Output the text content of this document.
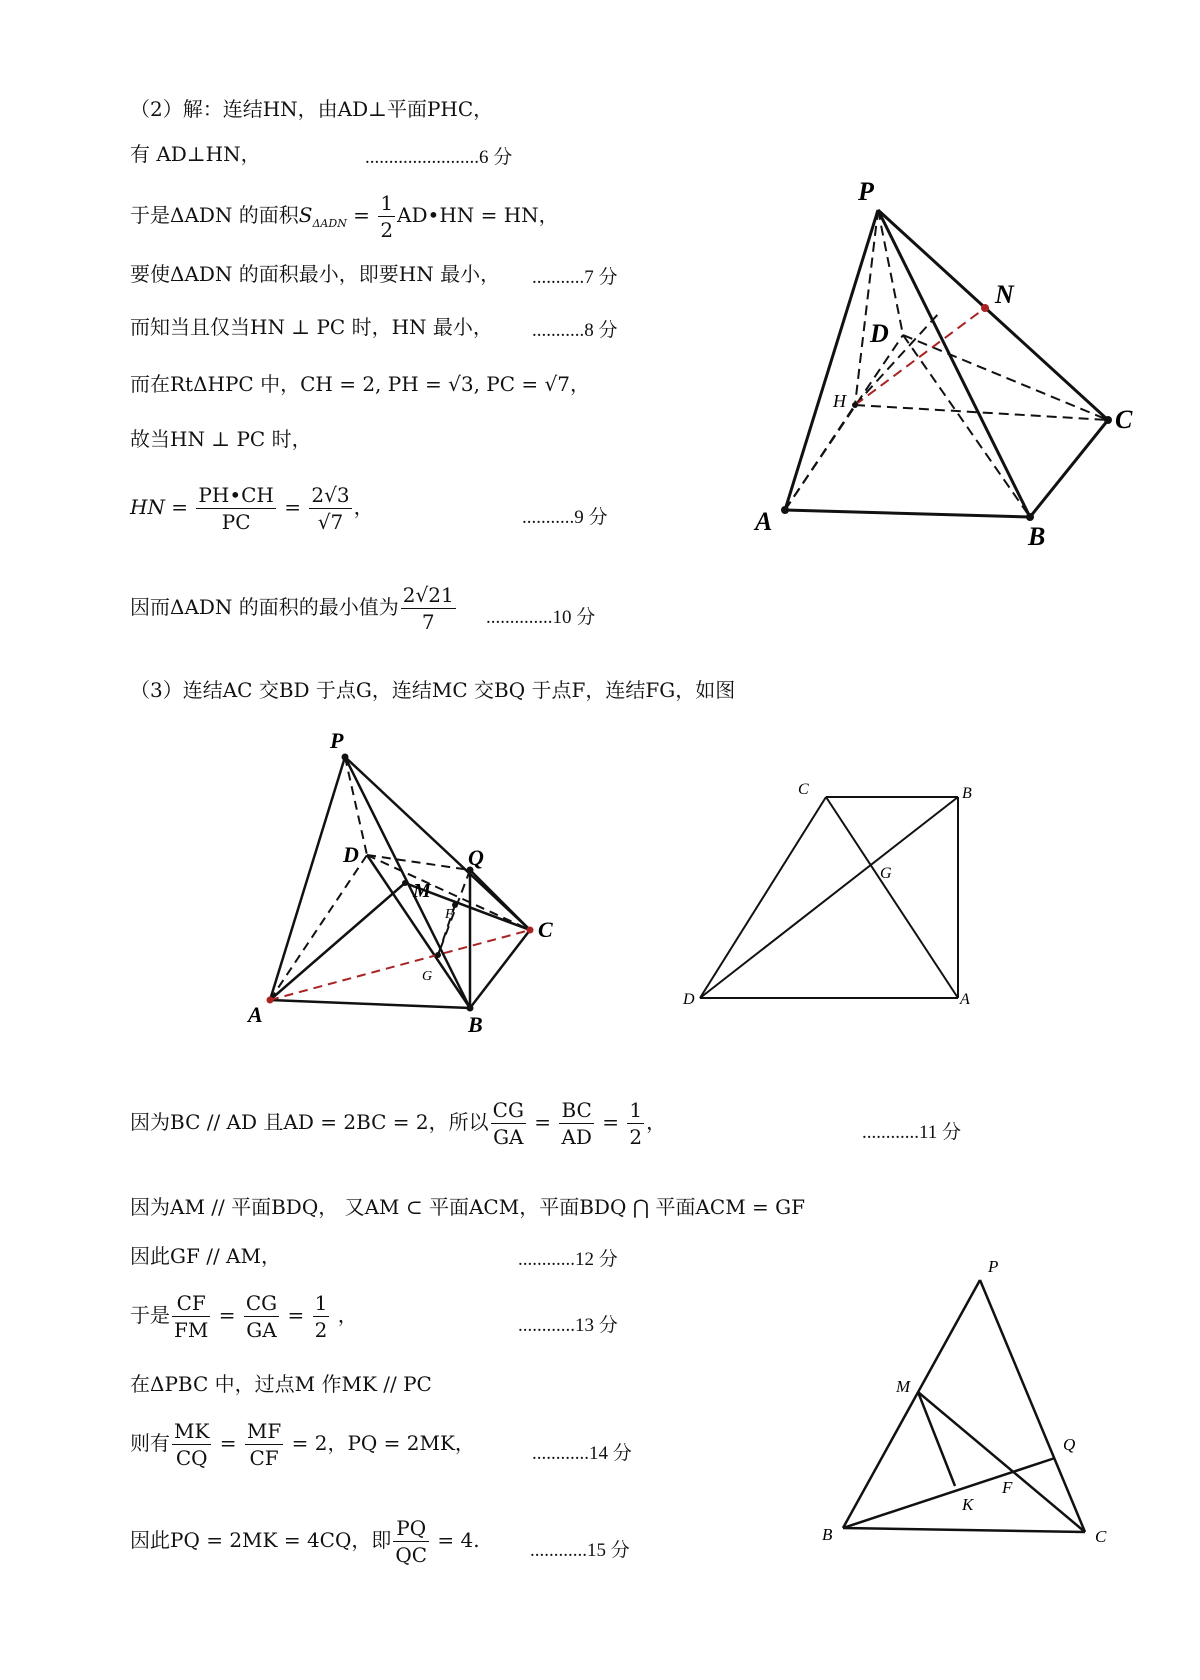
（2）解：连结HN，由AD⊥平面PHC，
有 AD⊥HN，	........................6 分
于是ΔADN 的面积$S_{\Delta ADN} = \frac{1}{2}$ AD•HN = HN，
要使ΔADN 的面积最小，即要HN 最小， ...........7 分
而知当且仅当HN ⊥ PC 时，HN 最小， ...........8 分
而在RtΔHPC 中，CH = 2, PH = √3, PC = √7，
故当HN ⊥ PC 时，
HN = $\frac{PH•CH}{PC} = \frac{2√3}{√7}$ ，	...........9 分
因而ΔADN 的面积的最小值为 $\frac{2√21}{7} ..............10$ 分
P
N
D
H
C
A
B
（3）连结AC 交BD 于点G，连结MC 交BQ 于点F，连结FG，如图
P
D	Q
M
F
C
G
A	B
C	B
G
D	A
因为BC // AD 且AD = 2BC = 2，所以 $\frac{CG}{GA} = \frac{BC}{AD} = \frac{1}{2}$ ，	............11 分
因为AM // 平面BDQ， 又AM ⊂ 平面ACM，平面BDQ ⋂ 平面ACM = GF
因此GF // AM，	............12 分
于是 $\frac{CF}{FM} = \frac{CG}{GA} = \frac{1}{2}$ ，	............13 分
在ΔPBC 中，过点M 作MK // PC
则有 $\frac{MK}{CQ} = \frac{MF}{CF} = 2$，PQ = 2MK，	............14 分
因此PQ = 2MK = 4CQ，即 $\frac{PQ}{QC} = 4$.	............15 分
P
M
Q
K
F
B	C
